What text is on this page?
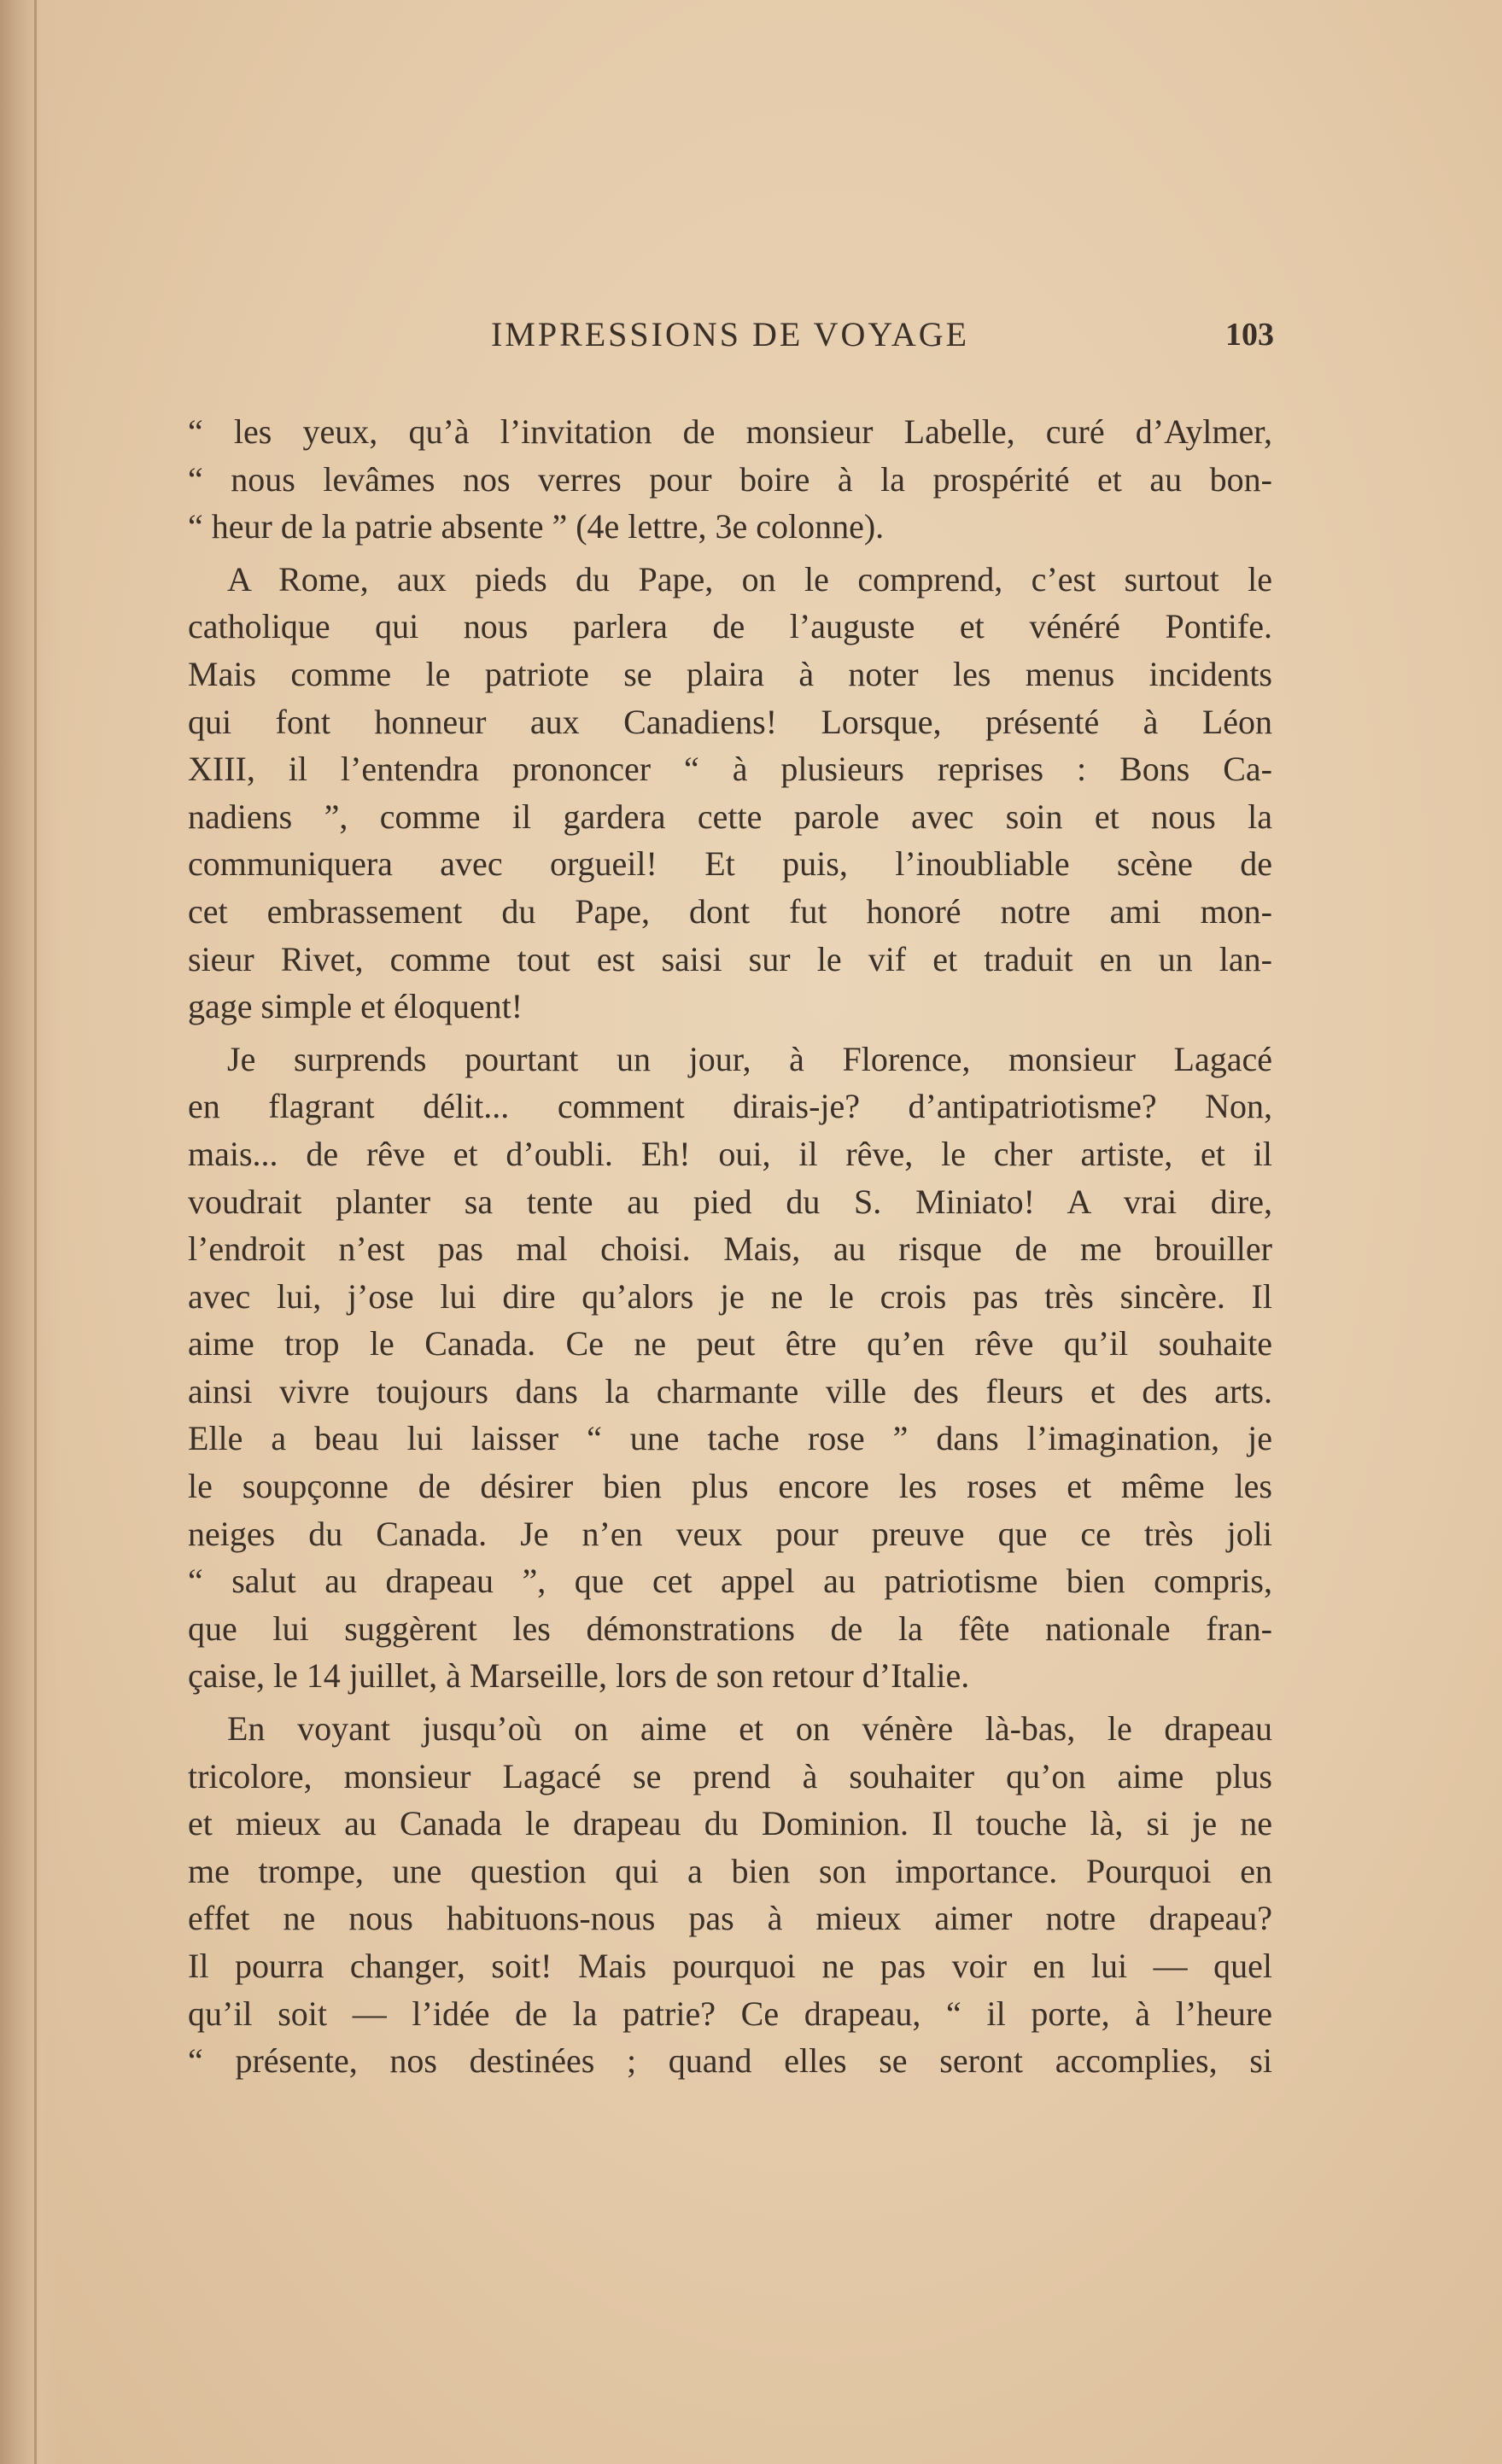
IMPRESSIONS DE VOYAGE	103
“ les yeux, qu’à l’invitation de monsieur Labelle, curé d’Aylmer,
“ nous levâmes nos verres pour boire à la prospérité et au bon-
“ heur de la patrie absente ” (4e lettre, 3e colonne).
A Rome, aux pieds du Pape, on le comprend, c’est surtout le
catholique qui nous parlera de l’auguste et vénéré Pontife.
Mais comme le patriote se plaira à noter les menus incidents
qui font honneur aux Canadiens! Lorsque, présenté à Léon
XIII, il l’entendra prononcer “ à plusieurs reprises : Bons Ca-
nadiens ”, comme il gardera cette parole avec soin et nous la
communiquera avec orgueil! Et puis, l’inoubliable scène de
cet embrassement du Pape, dont fut honoré notre ami mon-
sieur Rivet, comme tout est saisi sur le vif et traduit en un lan-
gage simple et éloquent!
Je surprends pourtant un jour, à Florence, monsieur Lagacé
en flagrant délit... comment dirais-je? d’antipatriotisme? Non,
mais... de rêve et d’oubli. Eh! oui, il rêve, le cher artiste, et il
voudrait planter sa tente au pied du S. Miniato! A vrai dire,
l’endroit n’est pas mal choisi. Mais, au risque de me brouiller
avec lui, j’ose lui dire qu’alors je ne le crois pas très sincère. Il
aime trop le Canada. Ce ne peut être qu’en rêve qu’il souhaite
ainsi vivre toujours dans la charmante ville des fleurs et des arts.
Elle a beau lui laisser “ une tache rose ” dans l’imagination, je
le soupçonne de désirer bien plus encore les roses et même les
neiges du Canada. Je n’en veux pour preuve que ce très joli
“ salut au drapeau ”, que cet appel au patriotisme bien compris,
que lui suggèrent les démonstrations de la fête nationale fran-
çaise, le 14 juillet, à Marseille, lors de son retour d’Italie.
En voyant jusqu’où on aime et on vénère là-bas, le drapeau
tricolore, monsieur Lagacé se prend à souhaiter qu’on aime plus
et mieux au Canada le drapeau du Dominion. Il touche là, si je ne
me trompe, une question qui a bien son importance. Pourquoi en
effet ne nous habituons-nous pas à mieux aimer notre drapeau?
Il pourra changer, soit! Mais pourquoi ne pas voir en lui — quel
qu’il soit — l’idée de la patrie? Ce drapeau, “ il porte, à l’heure
“ présente, nos destinées ; quand elles se seront accomplies, si
